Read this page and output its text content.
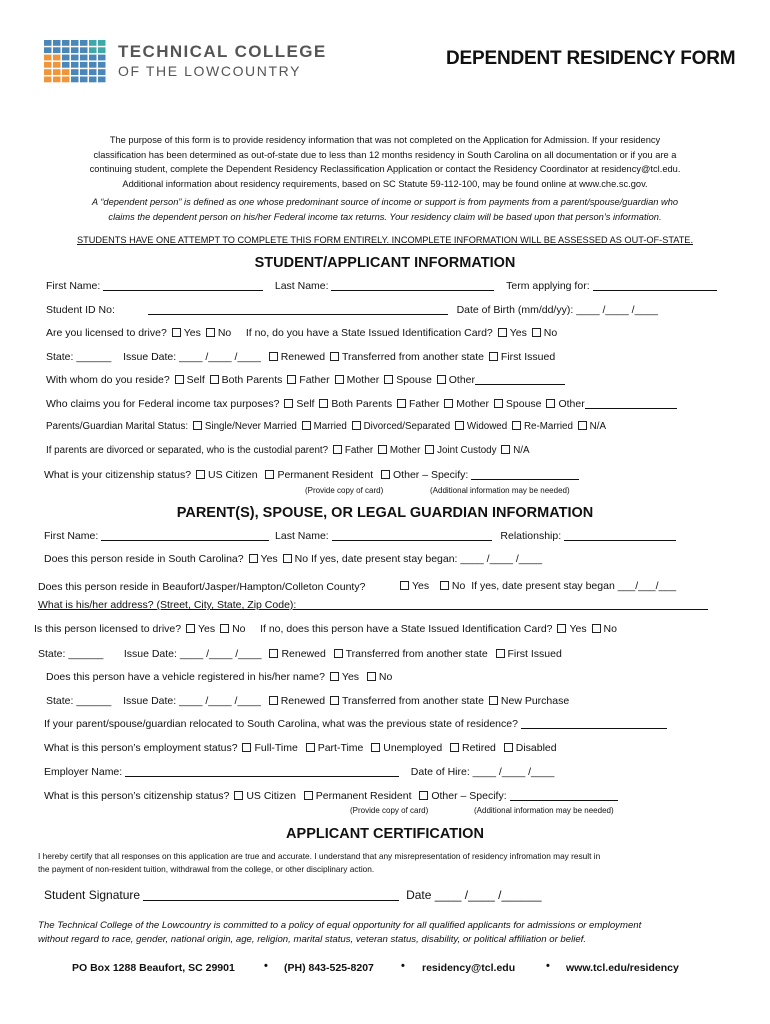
TECHNICAL COLLEGE
OF THE LOWCOUNTRY
DEPENDENT RESIDENCY FORM
The purpose of this form is to provide residency information that was not completed on the Application for Admission. If your residency
classification has been determined as out-of-state due to less than 12 months residency in South Carolina on all documentation or if you are a
continuing student, complete the Dependent Residency Reclassification Application or contact the Residency Coordinator at residency@tcl.edu.
Additional information about residency requirements, based on SC Statute 59-112-100, may be found online at www.che.sc.gov.
A “dependent person” is defined as one whose predominant source of income or support is from payments from a parent/spouse/guardian who
claims the dependent person on his/her Federal income tax returns. Your residency claim will be based upon that person’s information.
STUDENTS HAVE ONE ATTEMPT TO COMPLETE THIS FORM ENTIRELY. INCOMPLETE INFORMATION WILL BE ASSESSED AS OUT-OF-STATE.
STUDENT/APPLICANT INFORMATION
First Name:	Last Name:	Term applying for:
Student ID No:	Date of Birth (mm/dd/yy): ____ /____ /____
Are you licensed to drive? Yes No If no, do you have a State Issued Identification Card? Yes No
State: ______ Issue Date: ____ /____ /____ Renewed Transferred from another state First Issued
With whom do you reside? Self Both Parents Father Mother Spouse Other
Who claims you for Federal income tax purposes? Self Both Parents Father Mother Spouse Other
Parents/Guardian Marital Status: Single/Never Married Married Divorced/Separated Widowed Re-Married N/A
If parents are divorced or separated, who is the custodial parent? Father Mother Joint Custody N/A
What is your citizenship status? US Citizen Permanent Resident Other – Specify:
(Provide copy of card)	(Additional information may be needed)
PARENT(S), SPOUSE, OR LEGAL GUARDIAN INFORMATION
First Name:	Last Name:	Relationship:
Does this person reside in South Carolina? Yes No If yes, date present stay began: ____ /____ /____
Does this person reside in Beaufort/Jasper/Hampton/Colleton County?	Yes No If yes, date present stay began ___/___/___
What is his/her address? (Street, City, State, Zip Code):
Is this person licensed to drive? Yes No If no, does this person have a State Issued Identification Card? Yes No
State: ______ Issue Date: ____ /____ /____ Renewed Transferred from another state First Issued
Does this person have a vehicle registered in his/her name? Yes No
State: ______ Issue Date: ____ /____ /____ Renewed Transferred from another state New Purchase
If your parent/spouse/guardian relocated to South Carolina, what was the previous state of residence?
What is this person’s employment status? Full-Time Part-Time Unemployed Retired Disabled
Employer Name:	Date of Hire: ____ /____ /____
What is this person’s citizenship status? US Citizen Permanent Resident Other – Specify:
(Provide copy of card)	(Additional information may be needed)
APPLICANT CERTIFICATION
I hereby certify that all responses on this application are true and accurate. I understand that any misrepresentation of residency infromation may result in
the payment of non-resident tuition, withdrawal from the college, or other disciplinary action.
Student Signature	Date ____ /____ /______
The Technical College of the Lowcountry is committed to a policy of equal opportunity for all qualified applicants for admissions or employment
without regard to race, gender, national origin, age, religion, marital status, veteran status, disability, or political affiliation or belief.
PO Box 1288 Beaufort, SC 29901	• (PH) 843-525-8207 • residency@tcl.edu	• www.tcl.edu/residency
